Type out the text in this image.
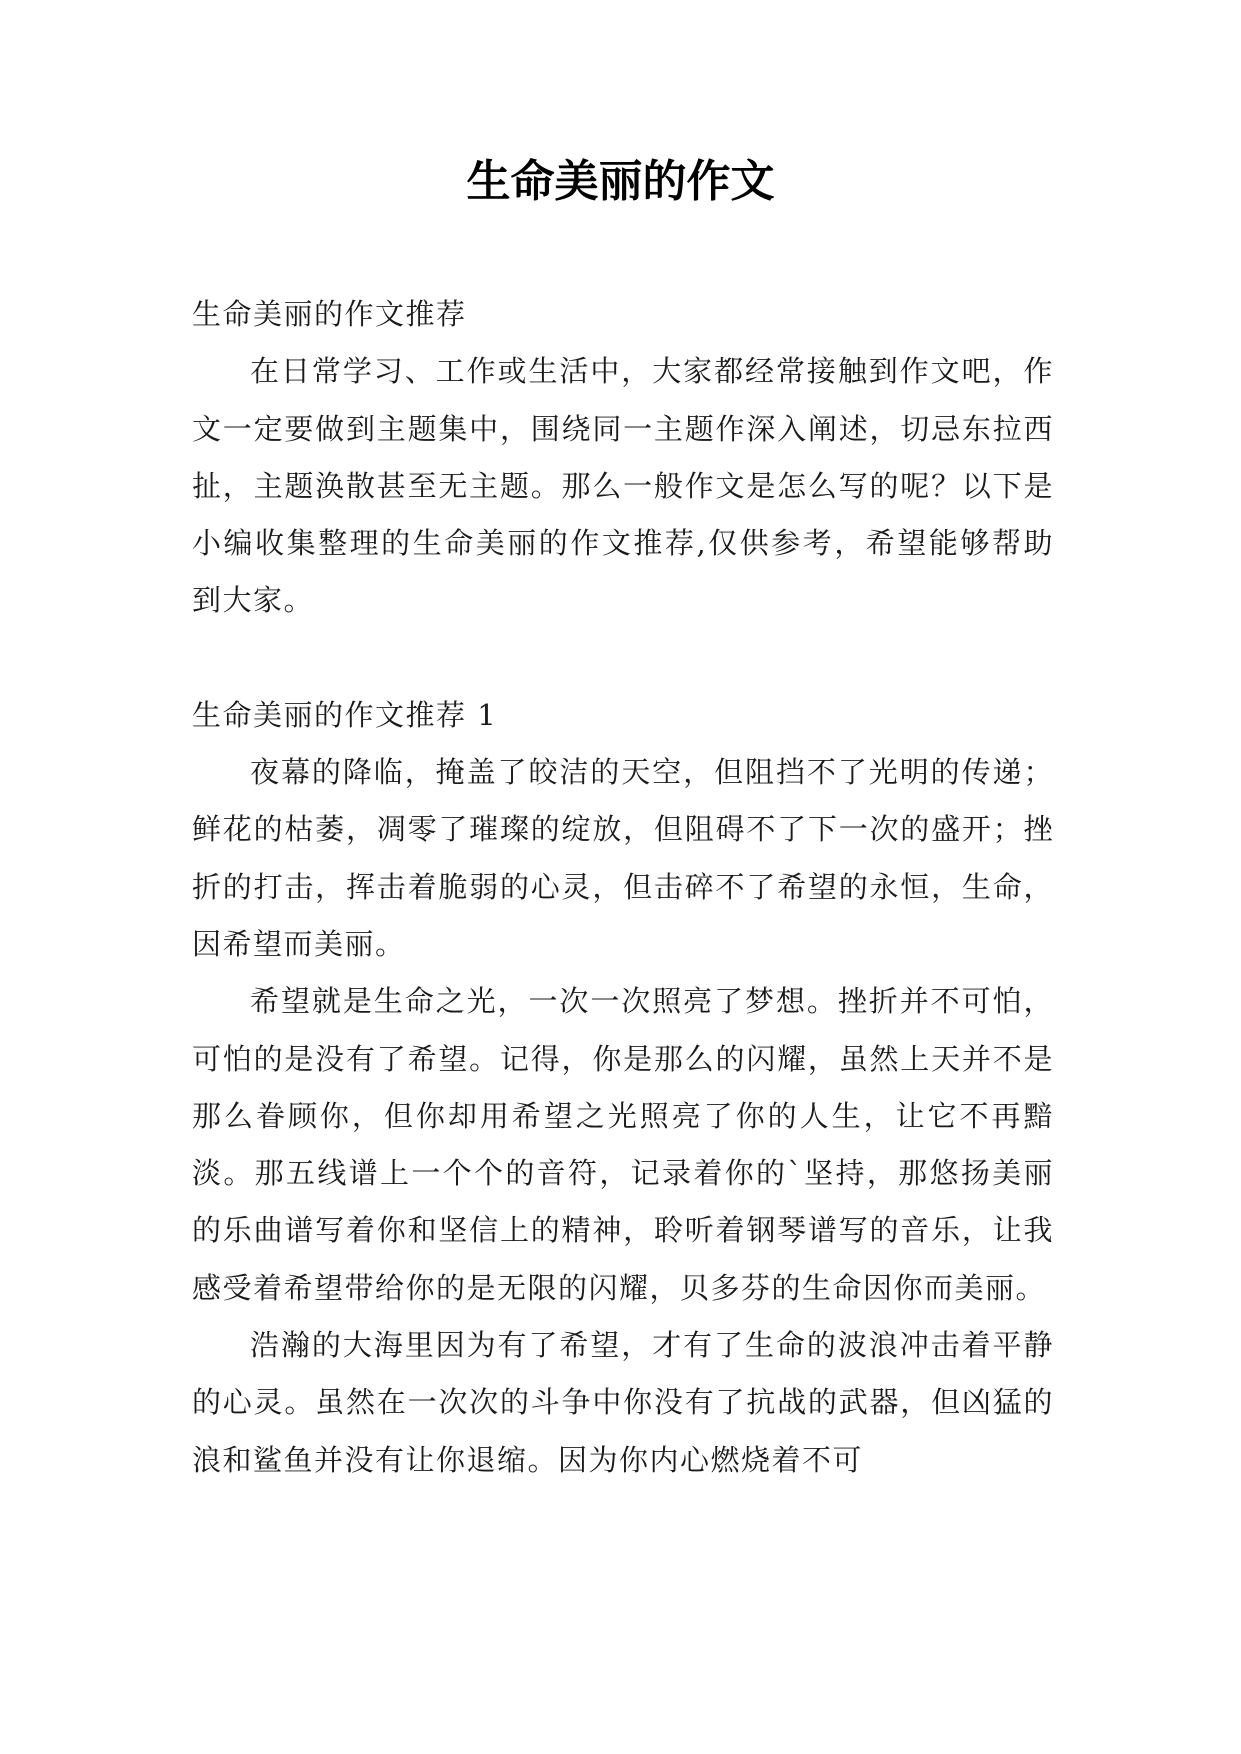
生命美丽的作文

生命美丽的作文推荐

在日常学习、工作或生活中，大家都经常接触到作文吧，作文一定要做到主题集中，围绕同一主题作深入阐述，切忌东拉西扯，主题涣散甚至无主题。那么一般作文是怎么写的呢？以下是小编收集整理的生命美丽的作文推荐,仅供参考，希望能够帮助到大家。

生命美丽的作文推荐 1

夜幕的降临，掩盖了皎洁的天空，但阻挡不了光明的传递；鲜花的枯萎，凋零了璀璨的绽放，但阻碍不了下一次的盛开；挫折的打击，挥击着脆弱的心灵，但击碎不了希望的永恒，生命，因希望而美丽。

希望就是生命之光，一次一次照亮了梦想。挫折并不可怕，可怕的是没有了希望。记得，你是那么的闪耀，虽然上天并不是那么眷顾你，但你却用希望之光照亮了你的人生，让它不再黯淡。那五线谱上一个个的音符，记录着你的`坚持，那悠扬美丽的乐曲谱写着你和坚信上的精神，聆听着钢琴谱写的音乐，让我感受着希望带给你的是无限的闪耀，贝多芬的生命因你而美丽。

浩瀚的大海里因为有了希望，才有了生命的波浪冲击着平静的心灵。虽然在一次次的斗争中你没有了抗战的武器，但凶猛的浪和鲨鱼并没有让你退缩。因为你内心燃烧着不可
